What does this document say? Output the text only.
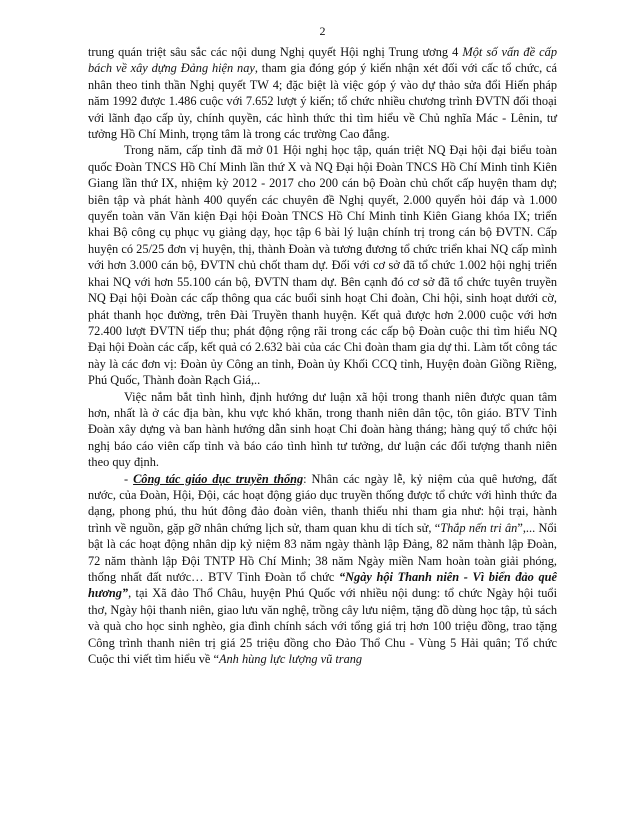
2

trung quán triệt sâu sắc các nội dung Nghị quyết Hội nghị Trung ương 4 Một số vấn đề cấp bách về xây dựng Đảng hiện nay, tham gia đóng góp ý kiến nhận xét đối với cấc tổ chức, cá nhân theo tinh thần Nghị quyết TW 4; đặc biệt là việc góp ý vào dự thảo sửa đổi Hiến pháp năm 1992 được 1.486 cuộc với 7.652 lượt ý kiến; tổ chức nhiều chương trình ĐVTN đối thoại với lãnh đạo cấp ủy, chính quyền, các hình thức thi tìm hiểu về Chủ nghĩa Mác - Lênin, tư tưởng Hồ Chí Minh, trọng tâm là trong các trường Cao đẳng.

Trong năm, cấp tỉnh đã mở 01 Hội nghị học tập, quán triệt NQ Đại hội đại biểu toàn quốc Đoàn TNCS Hồ Chí Minh lần thứ X và NQ Đại hội Đoàn TNCS Hồ Chí Minh tỉnh Kiên Giang lần thứ IX, nhiệm kỳ 2012 - 2017 cho 200 cán bộ Đoàn chủ chốt cấp huyện tham dự; biên tập và phát hành 400 quyển các chuyên đề Nghị quyết, 2.000 quyển hỏi đáp và 1.000 quyển toàn văn Văn kiện Đại hội Đoàn TNCS Hồ Chí Minh tỉnh Kiên Giang khóa IX; triển khai Bộ công cụ phục vụ giảng dạy, học tập 6 bài lý luận chính trị trong cán bộ ĐVTN. Cấp huyện có 25/25 đơn vị huyện, thị, thành Đoàn và tương đương tổ chức triển khai NQ cấp mình với hơn 3.000 cán bộ, ĐVTN chủ chốt tham dự. Đối với cơ sở đã tổ chức 1.002 hội nghị triển khai NQ với hơn 55.100 cán bộ, ĐVTN tham dự. Bên cạnh đó cơ sở đã tổ chức tuyên truyền NQ Đại hội Đoàn các cấp thông qua các buổi sinh hoạt Chi đoàn, Chi hội, sinh hoạt dưới cờ, phát thanh học đường, trên Đài Truyền thanh huyện. Kết quả được hơn 2.000 cuộc với hơn 72.400 lượt ĐVTN tiếp thu; phát động rộng rãi trong các cấp bộ Đoàn cuộc thi tìm hiểu NQ Đại hội Đoàn các cấp, kết quả có 2.632 bài của các Chi đoàn tham gia dự thi. Làm tốt công tác này là các đơn vị: Đoàn ủy Công an tỉnh, Đoàn ủy Khối CCQ tỉnh, Huyện đoàn Giồng Riềng, Phú Quốc, Thành đoàn Rạch Giá,..

Việc nắm bắt tình hình, định hướng dư luận xã hội trong thanh niên được quan tâm hơn, nhất là ở các địa bàn, khu vực khó khăn, trong thanh niên dân tộc, tôn giáo. BTV Tỉnh Đoàn xây dựng và ban hành hướng dẫn sinh hoạt Chi đoàn hàng tháng; hàng quý tổ chức hội nghị báo cáo viên cấp tỉnh và báo cáo tình hình tư tưởng, dư luận các đối tượng thanh niên theo quy định.

- Công tác giáo dục truyền thống: Nhân các ngày lễ, kỷ niệm của quê hương, đất nước, của Đoàn, Hội, Đội, các hoạt động giáo dục truyền thống được tổ chức với hình thức đa dạng, phong phú, thu hút đông đảo đoàn viên, thanh thiếu nhi tham gia như: hội trại, hành trình về nguồn, gặp gỡ nhân chứng lịch sử, tham quan khu di tích sử, “Thắp nến tri ân”,... Nổi bật là các hoạt động nhân dịp kỷ niệm 83 năm ngày thành lập Đảng, 82 năm thành lập Đoàn, 72 năm thành lập Đội TNTP Hồ Chí Minh; 38 năm Ngày miền Nam hoàn toàn giải phóng, thống nhất đất nước… BTV Tỉnh Đoàn tổ chức “Ngày hội Thanh niên - Vì biển đảo quê hương”, tại Xã đảo Thổ Châu, huyện Phú Quốc với nhiều nội dung: tổ chức Ngày hội tuổi thơ, Ngày hội thanh niên, giao lưu văn nghệ, trồng cây lưu niệm, tặng đồ dùng học tập, tủ sách và quà cho học sinh nghèo, gia đình chính sách với tổng giá trị hơn 100 triệu đồng, trao tặng Công trình thanh niên trị giá 25 triệu đồng cho Đảo Thổ Chu - Vùng 5 Hải quân; Tổ chức Cuộc thi viết tìm hiểu về “Anh hùng lực lượng vũ trang
